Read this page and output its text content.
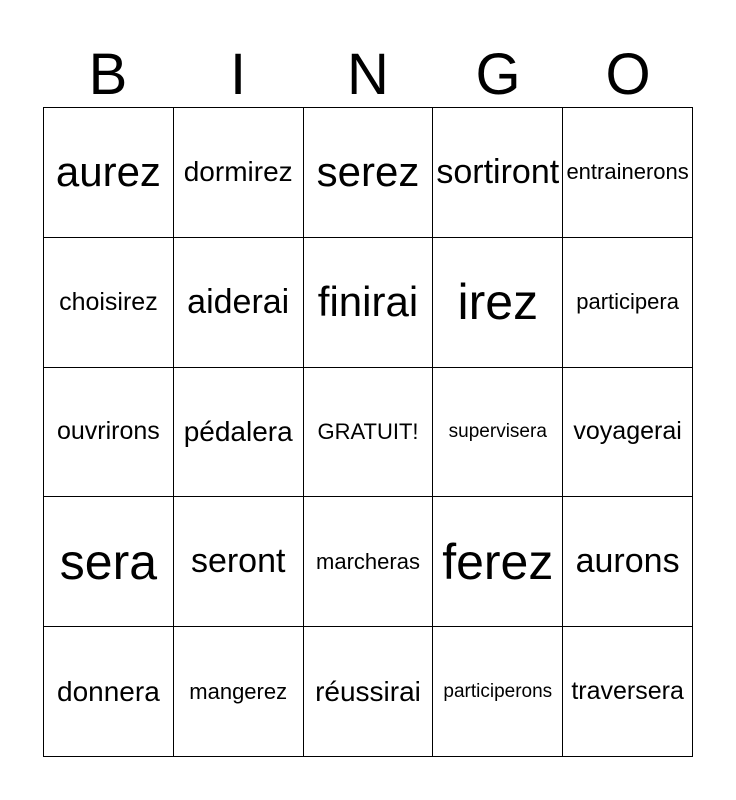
B	I	N	G	O
aurez dormirez serez sortiront entrainerons
choisirez aiderai finirai irez	participera
ouvrirons pédalera	GRATUIT!	supervisera	voyagerai
sera seront	marcheras ferez aurons
donnera	mangerez réussirai	participerons traversera
